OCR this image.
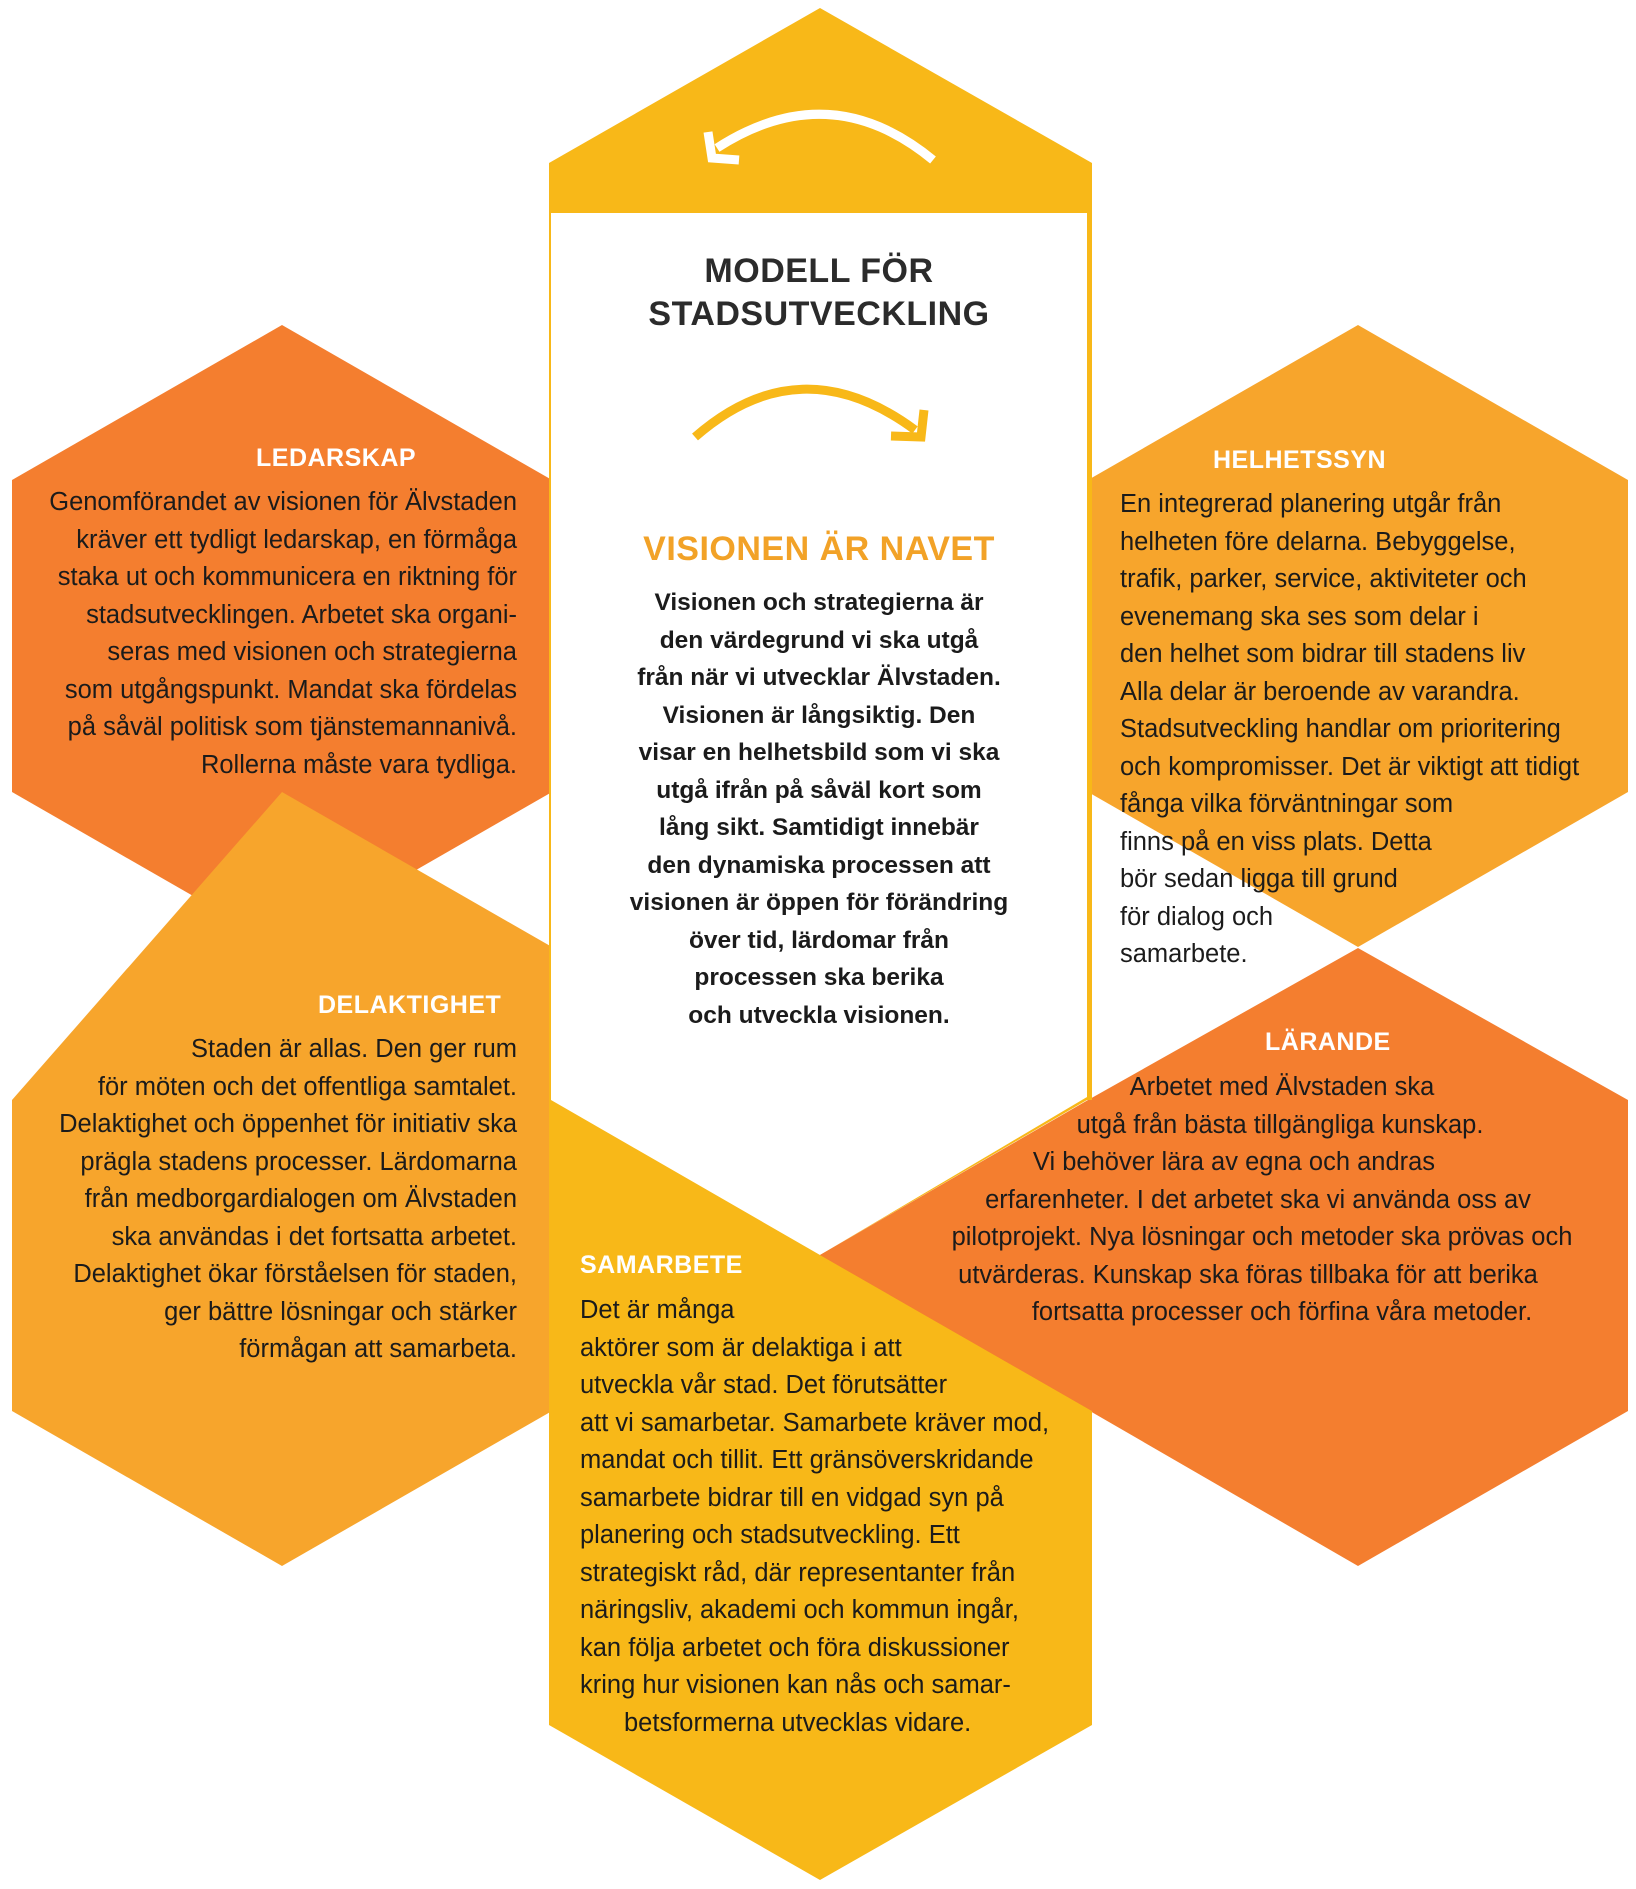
MODELL FÖR
STADSUTVECKLING
VISIONEN ÄR NAVET
Visionen och strategierna är
den värdegrund vi ska utgå
från när vi utvecklar Älvstaden.
Visionen är långsiktig. Den
visar en helhetsbild som vi ska
utgå ifrån på såväl kort som
lång sikt. Samtidigt innebär
den dynamiska processen att
visionen är öppen för förändring
över tid, lärdomar från
processen ska berika
och utveckla visionen.
LEDARSKAP
Genomförandet av visionen för Älvstaden
kräver ett tydligt ledarskap, en förmåga
staka ut och kommunicera en riktning för
stadsutvecklingen. Arbetet ska organi-
seras med visionen och strategierna
som utgångspunkt. Mandat ska fördelas
på såväl politisk som tjänstemannanivå.
Rollerna måste vara tydliga.
HELHETSSYN
En integrerad planering utgår från
helheten före delarna. Bebyggelse,
trafik, parker, service, aktiviteter och
evenemang ska ses som delar i
den helhet som bidrar till stadens liv
Alla delar är beroende av varandra.
Stadsutveckling handlar om prioritering
och kompromisser. Det är viktigt att tidigt
fånga vilka förväntningar som
finns på en viss plats. Detta
bör sedan ligga till grund
för dialog och
samarbete.
DELAKTIGHET
Staden är allas. Den ger rum
för möten och det offentliga samtalet.
Delaktighet och öppenhet för initiativ ska
prägla stadens processer. Lärdomarna
från medborgardialogen om Älvstaden
ska användas i det fortsatta arbetet.
Delaktighet ökar förståelsen för staden,
ger bättre lösningar och stärker
förmågan att samarbeta.
LÄRANDE
Arbetet med Älvstaden ska
utgå från bästa tillgängliga kunskap.
Vi behöver lära av egna och andras
erfarenheter. I det arbetet ska vi använda oss av
pilotprojekt. Nya lösningar och metoder ska prövas och
utvärderas. Kunskap ska föras tillbaka för att berika
fortsatta processer och förfina våra metoder.
SAMARBETE
Det är många
aktörer som är delaktiga i att
utveckla vår stad. Det förutsätter
att vi samarbetar. Samarbete kräver mod,
mandat och tillit. Ett gränsöverskridande
samarbete bidrar till en vidgad syn på
planering och stadsutveckling. Ett
strategiskt råd, där representanter från
näringsliv, akademi och kommun ingår,
kan följa arbetet och föra diskussioner
kring hur visionen kan nås och samar-
betsformerna utvecklas vidare.
